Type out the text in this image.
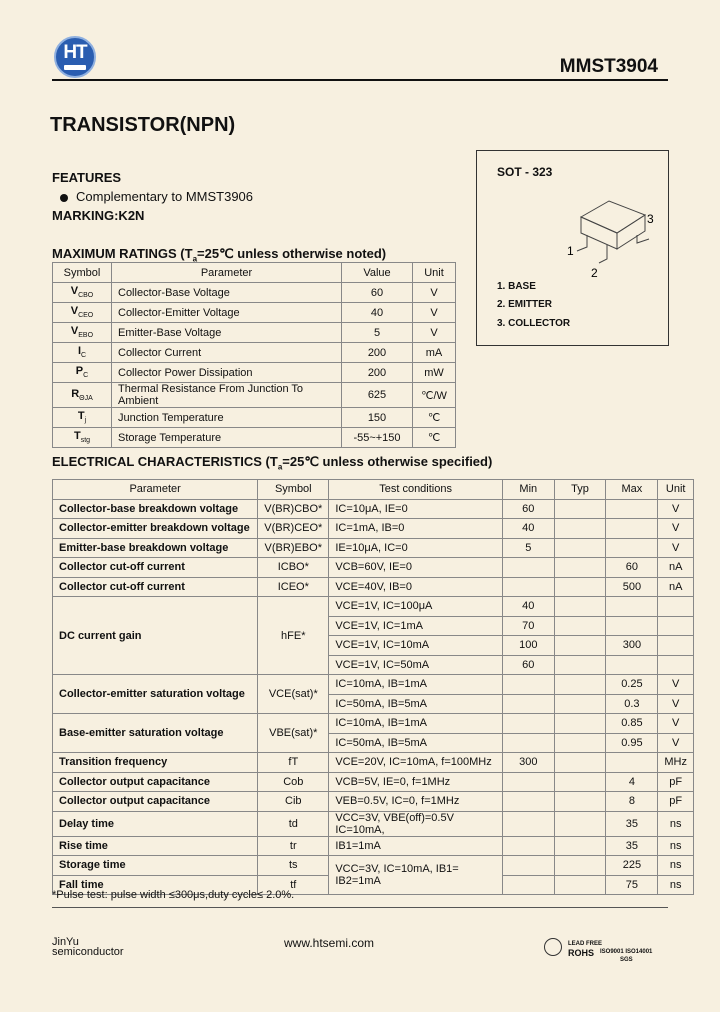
HT
MMST3904
TRANSISTOR(NPN)
FEATURES
Complementary to MMST3906
MARKING:K2N
SOT - 323
1
2
3
1. BASE
2. EMITTER
3. COLLECTOR
MAXIMUM RATINGS ($T_a=25℃$ unless otherwise noted)
Symbol	Parameter	Value	Unit
$V_{CBO}$	Collector-Base Voltage	60	V
$V_{CEO}$	Collector-Emitter Voltage	40	V
$V_{EBO}$	Emitter-Base Voltage	5	V
$I_C$	Collector Current	200	mA
$P_C$	Collector Power Dissipation	200	mW
$R_{\Theta JA}$	Thermal Resistance From Junction To Ambient	625	℃/W
$T_j$	Junction Temperature	150	℃
$T_{stg}$	Storage Temperature	-55~+150	℃
ELECTRICAL CHARACTERISTICS ($T_a=25℃$ unless otherwise specified)
Parameter	Symbol	Test conditions	Min	Typ	Max	Unit
Collector-base breakdown voltage	V(BR)CBO*	IC=10μA, IE=0	60			V
Collector-emitter breakdown voltage	V(BR)CEO*	IC=1mA, IB=0	40			V
Emitter-base breakdown voltage	V(BR)EBO*	IE=10μA, IC=0	5			V
Collector cut-off current	ICBO*	VCB=60V, IE=0			60	nA
Collector cut-off current	ICEO*	VCE=40V, IB=0			500	nA
DC current gain	hFE*	VCE=1V, IC=100μA	40			
		VCE=1V, IC=1mA	70			
		VCE=1V, IC=10mA	100		300	
		VCE=1V, IC=50mA	60			
Collector-emitter saturation voltage	VCE(sat)*	IC=10mA, IB=1mA			0.25	V
		IC=50mA, IB=5mA			0.3	V
Base-emitter saturation voltage	VBE(sat)*	IC=10mA, IB=1mA			0.85	V
		IC=50mA, IB=5mA			0.95	V
Transition frequency	fT	VCE=20V, IC=10mA, f=100MHz	300			MHz
Collector output capacitance	Cob	VCB=5V, IE=0, f=1MHz			4	pF
Collector output capacitance	Cib	VEB=0.5V, IC=0, f=1MHz			8	pF
Delay time	td	VCC=3V, VBE(off)=0.5V IC=10mA,			35	ns
Rise time	tr	IB1=1mA			35	ns
Storage time	ts	VCC=3V, IC=10mA, IB1= IB2=1mA			225	ns
Fall time	tf				75	ns
*Pulse test: pulse width ≤300μs,duty cycle≤ 2.0%.
JinYu
semiconductor
www.htsemi.com	LEAD FREE
ROHS ISO9001 ISO14001
SGS
